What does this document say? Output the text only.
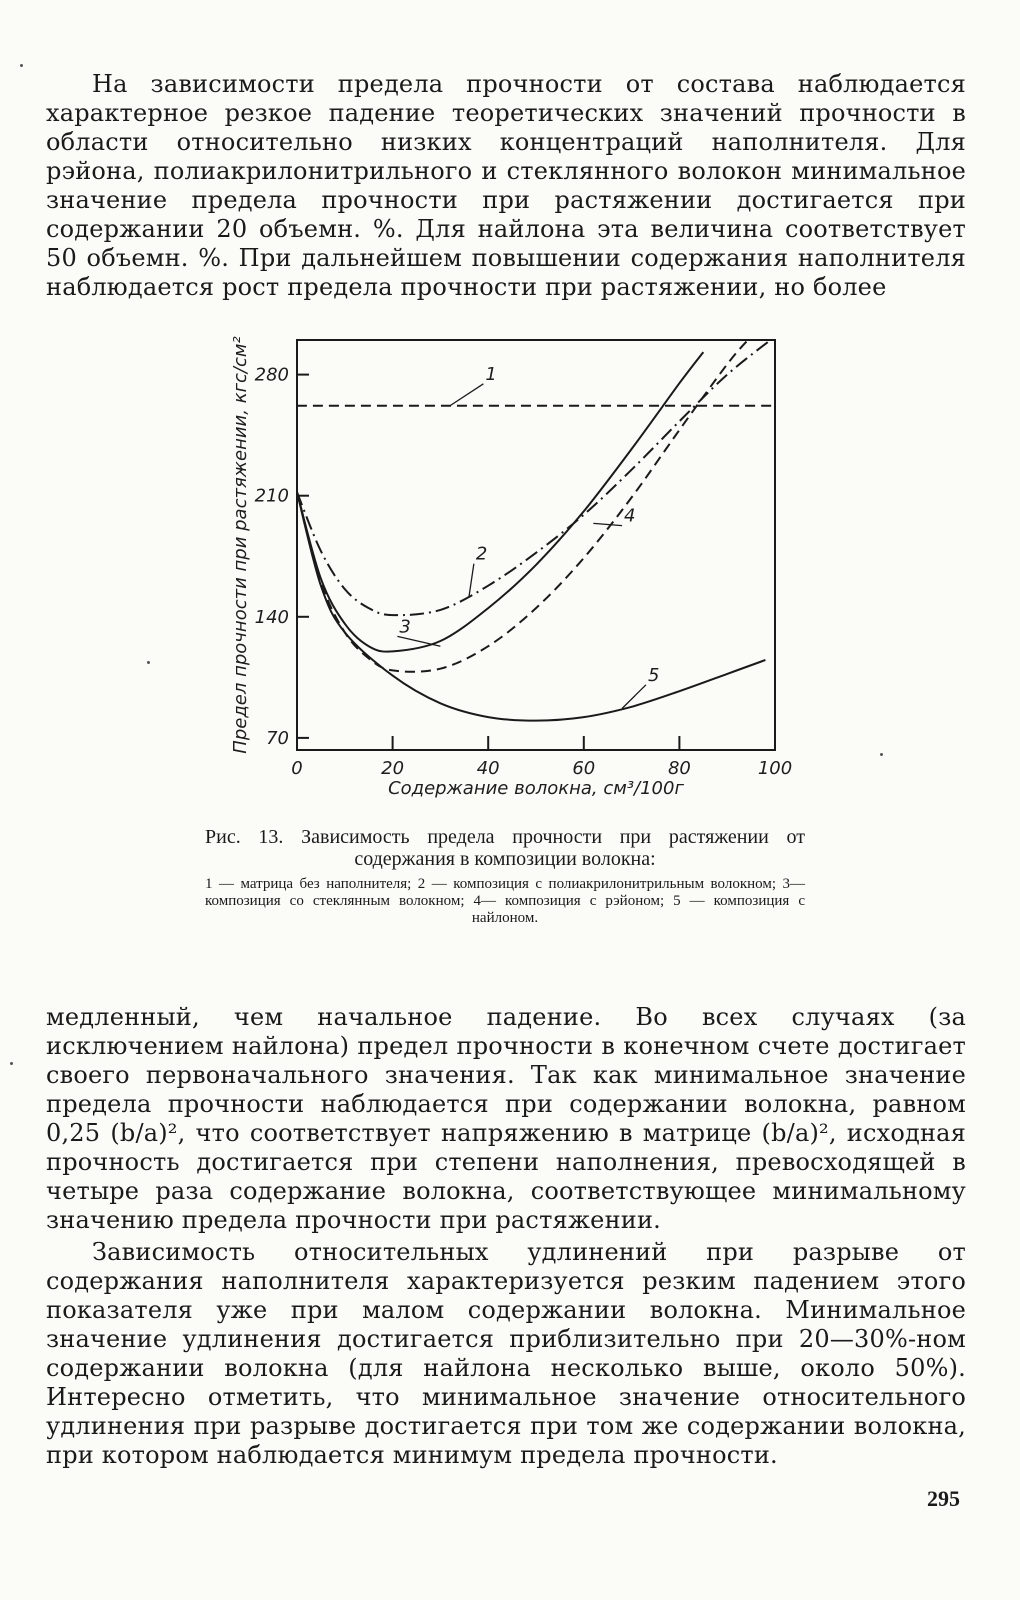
На зависимости предела прочности от состава наблюдается характерное резкое падение теоретических значений прочности в области относительно низких концентраций наполнителя. Для рэйона, полиакрилонитрильного и стеклянного волокон минимальное значение предела прочности при растяжении достигается при содержании 20 объемн. %. Для найлона эта величина соответствует 50 объемн. %. При дальнейшем повышении содержания наполнителя наблюдается рост предела прочности при растяжении, но более

70
140
210
280
0	20	40	60	80	100
1
2
3
4
5
Содержание волокна, см³/100г
Предел прочности при растяжении, кгс/см²

Рис. 13. Зависимость предела прочности при растяжении от содержания в композиции волокна:

1 — матрица без наполнителя; 2 — композиция с полиакрилонитрильным волокном; 3—композиция со стеклянным волокном; 4— композиция с рэйоном; 5 — композиция с найлоном.

медленный, чем начальное падение. Во всех случаях (за исключением найлона) предел прочности в конечном счете достигает своего первоначального значения. Так как минимальное значение предела прочности наблюдается при содержании волокна, равном 0,25 (b/a)², что соответствует напряжению в матрице (b/a)², исходная прочность достигается при степени наполнения, превосходящей в четыре раза содержание волокна, соответствующее минимальному значению предела прочности при растяжении.

Зависимость относительных удлинений при разрыве от содержания наполнителя характеризуется резким падением этого показателя уже при малом содержании волокна. Минимальное значение удлинения достигается приблизительно при 20—30%-ном содержании волокна (для найлона несколько выше, около 50%). Интересно отметить, что минимальное значение относительного удлинения при разрыве достигается при том же содержании волокна, при котором наблюдается минимум предела прочности.

295
